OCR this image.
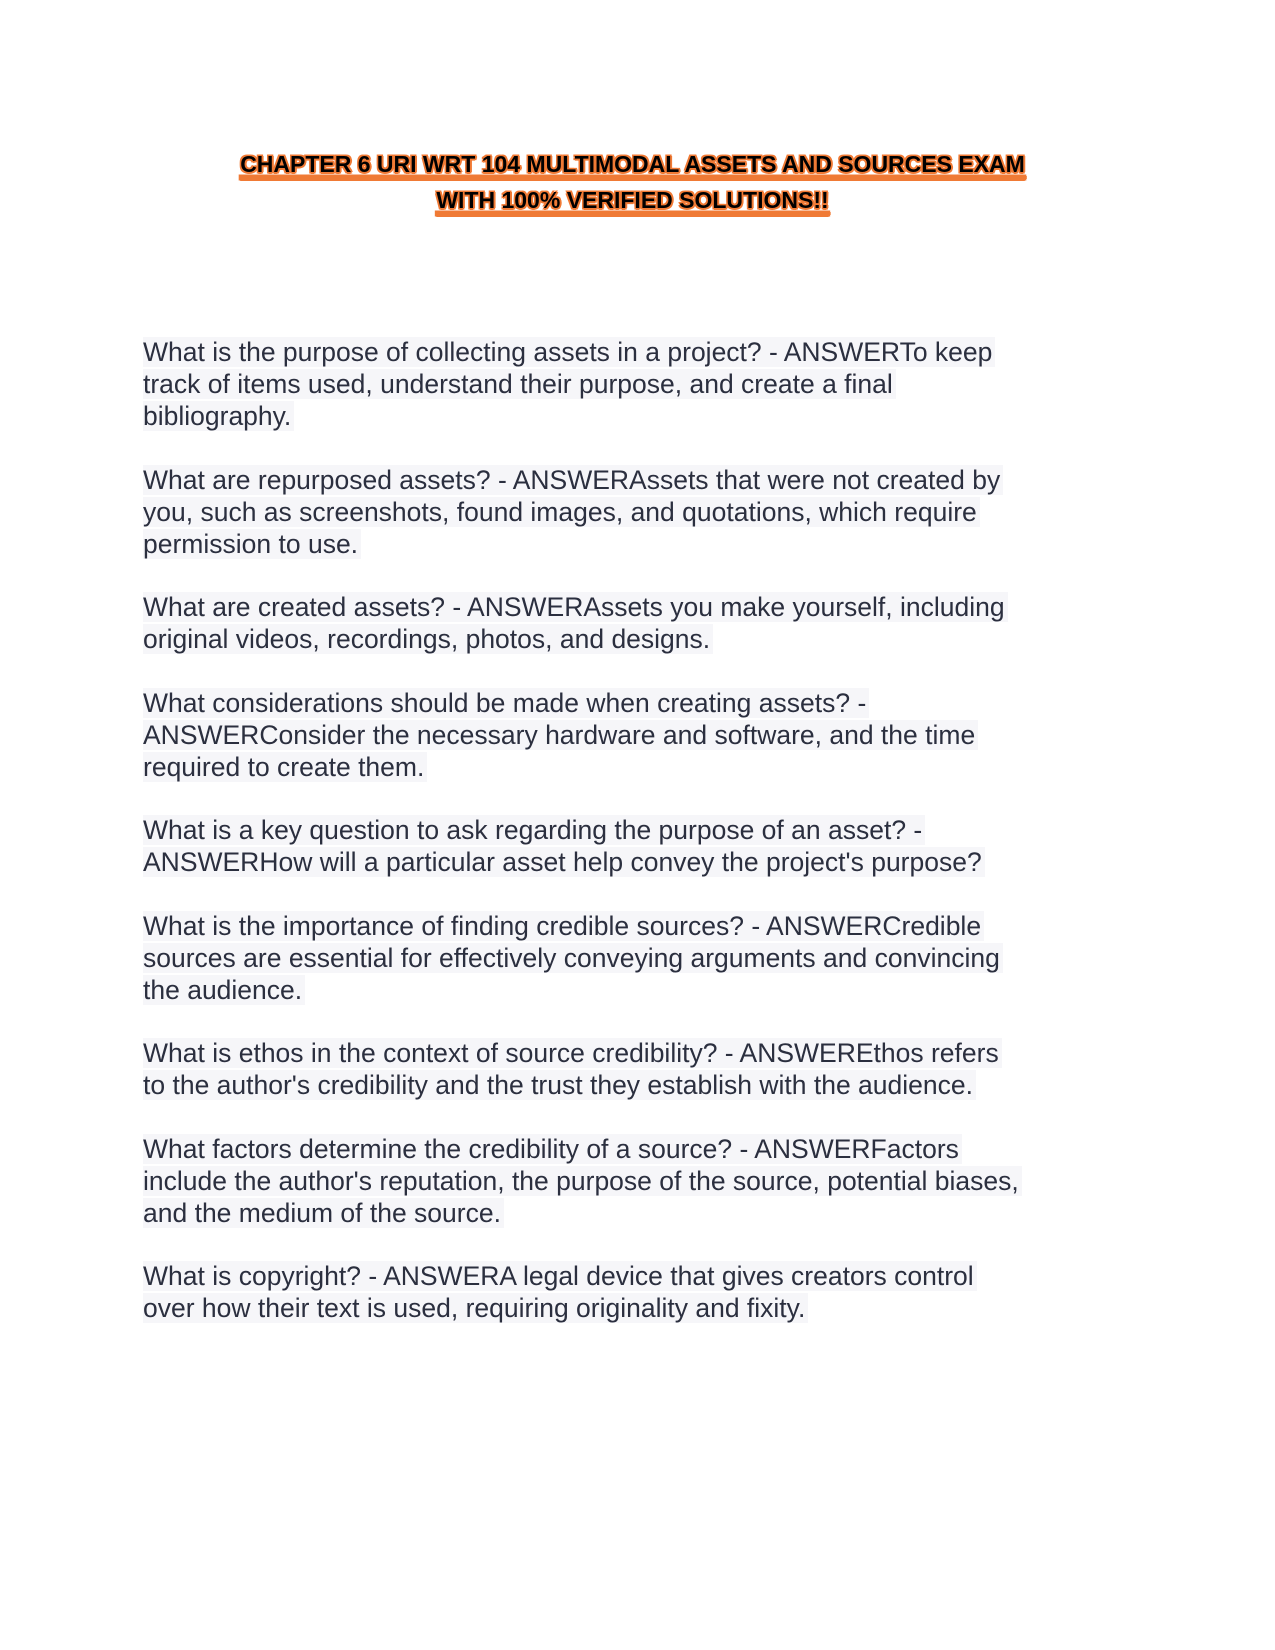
CHAPTER 6 URI WRT 104 MULTIMODAL ASSETS AND SOURCES EXAM
WITH 100% VERIFIED SOLUTIONS!!
What is the purpose of collecting assets in a project? - ANSWERTo keep
track of items used, understand their purpose, and create a final
bibliography.
What are repurposed assets? - ANSWERAssets that were not created by
you, such as screenshots, found images, and quotations, which require
permission to use.
What are created assets? - ANSWERAssets you make yourself, including
original videos, recordings, photos, and designs.
What considerations should be made when creating assets? -
ANSWERConsider the necessary hardware and software, and the time
required to create them.
What is a key question to ask regarding the purpose of an asset? -
ANSWERHow will a particular asset help convey the project's purpose?
What is the importance of finding credible sources? - ANSWERCredible
sources are essential for effectively conveying arguments and convincing
the audience.
What is ethos in the context of source credibility? - ANSWEREthos refers
to the author's credibility and the trust they establish with the audience.
What factors determine the credibility of a source? - ANSWERFactors
include the author's reputation, the purpose of the source, potential biases,
and the medium of the source.
What is copyright? - ANSWERA legal device that gives creators control
over how their text is used, requiring originality and fixity.
